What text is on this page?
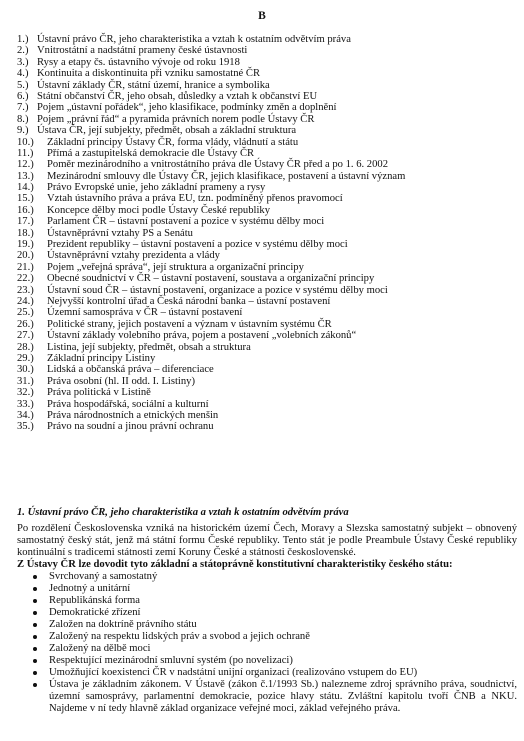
B
1.) Ústavní právo ČR, jeho charakteristika a vztah k ostatním odvětvím práva
2.) Vnitrostátní a nadstátní prameny české ústavnosti
3.) Rysy a etapy čs. ústavního vývoje od roku 1918
4.) Kontinuita a diskontinuita při vzniku samostatné ČR
5.) Ústavní základy ČR, státní území, hranice a symbolika
6.) Státní občanství ČR, jeho obsah, důsledky a vztah k občanství EU
7.) Pojem „ústavní pořádek“, jeho klasifikace, podmínky změn a doplnění
8.) Pojem „právní řád“ a pyramida právních norem podle Ústavy ČR
9.) Ústava ČR, její subjekty, předmět, obsah a základní struktura
10.) Základní principy Ústavy ČR, forma vlády, vládnutí a státu
11.) Přímá a zastupitelská demokracie dle Ústavy ČR
12.) Poměr mezinárodního a vnitrostátního práva dle Ústavy ČR před a po 1. 6. 2002
13.) Mezinárodní smlouvy dle Ústavy ČR, jejich klasifikace, postavení a ústavní význam
14.) Právo Evropské unie, jeho základní prameny a rysy
15.) Vztah ústavního práva a práva EU, tzn. podmíněný přenos pravomocí
16.) Koncepce dělby moci podle Ústavy České republiky
17.) Parlament ČR – ústavní postavení a pozice v systému dělby moci
18.) Ústavněprávní vztahy PS a Senátu
19.) Prezident republiky – ústavní postavení a pozice v systému dělby moci
20.) Ústavněprávní vztahy prezidenta a vlády
21.) Pojem „veřejná správa“, její struktura a organizační principy
22.) Obecné soudnictví v ČR – ústavní postavení, soustava a organizační principy
23.) Ústavní soud ČR – ústavní postavení, organizace a pozice v systému dělby moci
24.) Nejvyšší kontrolní úřad a Česká národní banka – ústavní postavení
25.) Územní samospráva v ČR – ústavní postavení
26.) Politické strany, jejich postavení a význam v ústavním systému ČR
27.) Ústavní základy volebního práva, pojem a postavení „volebních zákonů“
28.) Listina, její subjekty, předmět, obsah a struktura
29.) Základní principy Listiny
30.) Lidská a občanská práva – diferenciace
31.) Práva osobní (hl. II odd. I. Listiny)
32.) Práva politická v Listině
33.) Práva hospodářská, sociální a kulturní
34.) Práva národnostních a etnických menšin
35.) Právo na soudní a jinou právní ochranu
1. Ústavní právo ČR, jeho charakteristika a vztah k ostatním odvětvím práva
Po rozdělení Československa vzniká na historickém území Čech, Moravy a Slezska samostatný subjekt – obnovený samostatný český stát, jenž má státní formu České republiky. Tento stát je podle Preambule Ústavy České republiky kontinuální s tradicemi státnosti zemí Koruny České a státnosti československé.
Z Ústavy ČR lze dovodit tyto základní a státoprávně konstitutivní charakteristiky českého státu:
Svrchovaný a samostatný
Jednotný a unitární
Republikánská forma
Demokratické zřízení
Založen na doktríně právního státu
Založený na respektu lidských práv a svobod a jejich ochraně
Založený na dělbě moci
Respektující mezinárodní smluvní systém (po novelizaci)
Umožňující koexistenci ČR v nadstátní unijní organizaci (realizováno vstupem do EU)
Ústava je základním zákonem. V Ústavě (zákon č.1/1993 Sb.) nalezneme zdroj správního práva, soudnictví, územní samosprávy, parlamentní demokracie, pozice hlavy státu. Zvláštní kapitolu tvoří ČNB a NKU. Najdeme v ní tedy hlavně základ organizace veřejné moci, základ veřejného práva.
